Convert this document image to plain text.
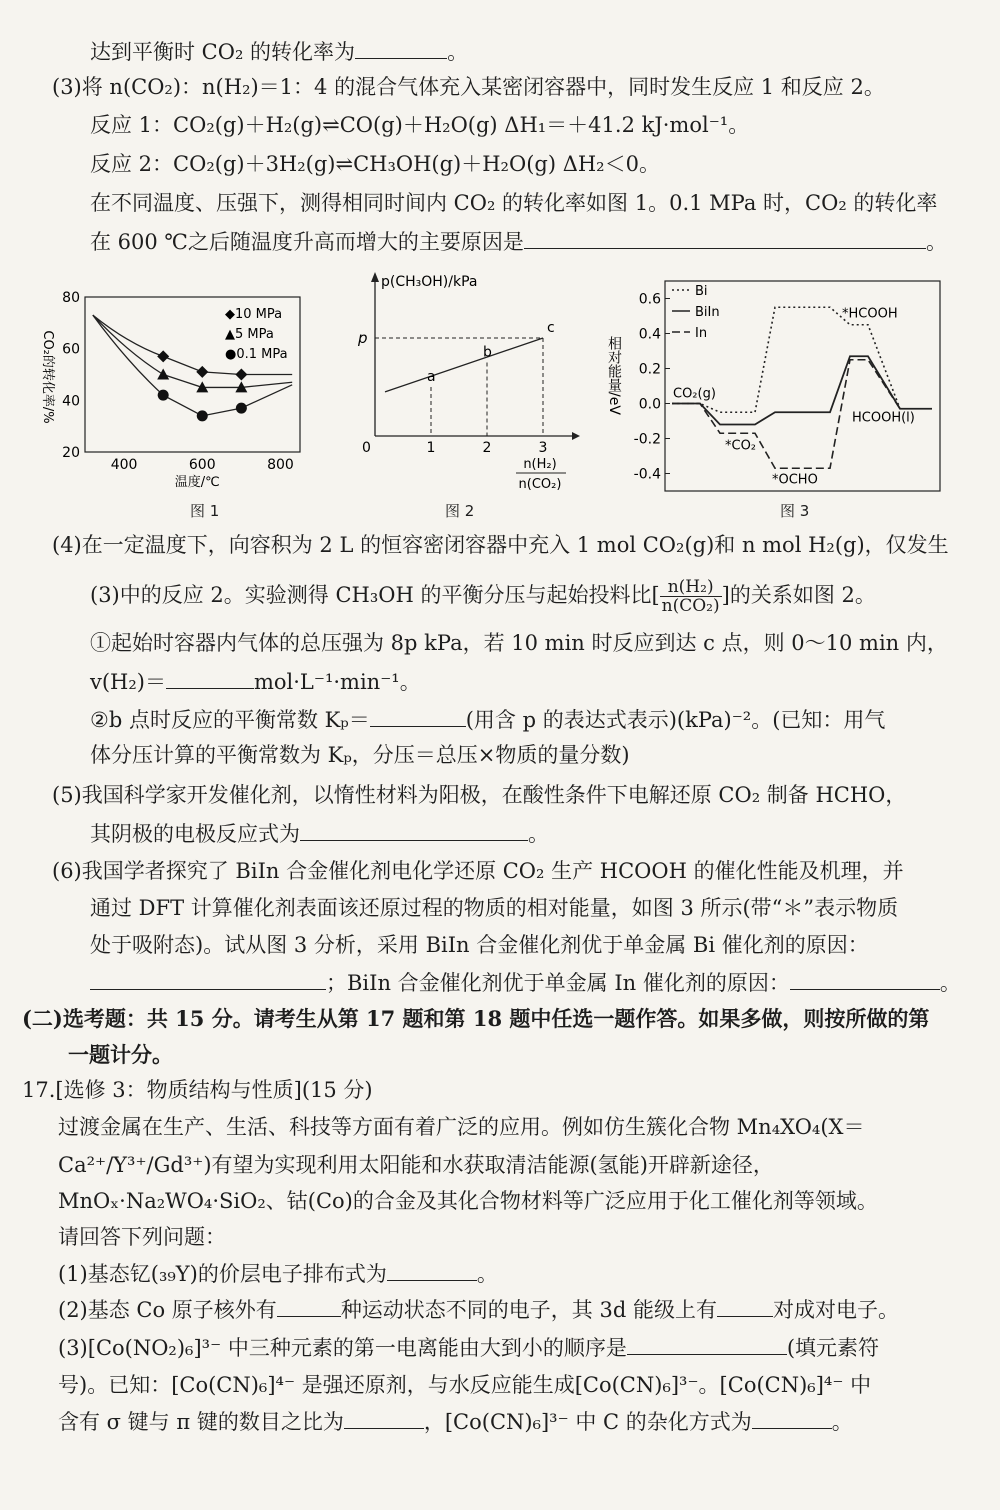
达到平衡时 CO₂ 的转化率为	。
(3)将 n(CO₂)：n(H₂)＝1：4 的混合气体充入某密闭容器中，同时发生反应 1 和反应 2。
反应 1：CO₂(g)＋H₂(g)⇌CO(g)＋H₂O(g) ΔH₁＝＋41.2 kJ·mol⁻¹。
反应 2：CO₂(g)＋3H₂(g)⇌CH₃OH(g)＋H₂O(g) ΔH₂＜0。
在不同温度、压强下，测得相同时间内 CO₂ 的转化率如图 1。0.1 MPa 时，CO₂ 的转化率
在 600 ℃之后随温度升高而增大的主要原因是	。
20
40
60
80
400	600	800
温度/℃
CO₂的转化率/%
◆10 MPa
▲5 MPa
●0.1 MPa
图 1
p(CH₃OH)/kPa
0
p
1
a
2
b
3
c
n(H₂)
n(CO₂)
图 2
0.6
0.4
0.2
0.0
-0.2
-0.4
相对能量/eV
Bi
BiIn
In
CO₂(g)
*CO₂
*OCHO
*HCOOH
HCOOH(l)
图 3
(4)在一定温度下，向容积为 2 L 的恒容密闭容器中充入 1 mol CO₂(g)和 n mol H₂(g)，仅发生
(3)中的反应 2。实验测得 CH₃OH 的平衡分压与起始投料比[ $\frac{\text{n(H₂)}}{\text{n(CO₂)}}$ ]的关系如图 2。
①起始时容器内气体的总压强为 8p kPa，若 10 min 时反应到达 c 点，则 0～10 min 内，
v(H₂)＝	mol·L⁻¹·min⁻¹。
②b 点时反应的平衡常数 Kₚ＝	(用含 p 的表达式表示)(kPa)⁻²。(已知：用气
体分压计算的平衡常数为 Kₚ，分压＝总压×物质的量分数)
(5)我国科学家开发催化剂，以惰性材料为阳极，在酸性条件下电解还原 CO₂ 制备 HCHO，
其阴极的电极反应式为	。
(6)我国学者探究了 BiIn 合金催化剂电化学还原 CO₂ 生产 HCOOH 的催化性能及机理，并
通过 DFT 计算催化剂表面该还原过程的物质的相对能量，如图 3 所示(带“＊”表示物质
处于吸附态)。试从图 3 分析，采用 BiIn 合金催化剂优于单金属 Bi 催化剂的原因：
；BiIn 合金催化剂优于单金属 In 催化剂的原因：	。
(二)选考题：共 15 分。请考生从第 17 题和第 18 题中任选一题作答。如果多做，则按所做的第
一题计分。
17.[选修 3：物质结构与性质](15 分)
过渡金属在生产、生活、科技等方面有着广泛的应用。例如仿生簇化合物 Mn₄XO₄(X＝
Ca²⁺/Y³⁺/Gd³⁺)有望为实现利用太阳能和水获取清洁能源(氢能)开辟新途径，
MnOₓ·Na₂WO₄·SiO₂、钴(Co)的合金及其化合物材料等广泛应用于化工催化剂等领域。
请回答下列问题：
(1)基态钇(₃₉Y)的价层电子排布式为	。
(2)基态 Co 原子核外有	种运动状态不同的电子，其 3d 能级上有	对成对电子。
(3)[Co(NO₂)₆]³⁻ 中三种元素的第一电离能由大到小的顺序是	(填元素符
号)。已知：[Co(CN)₆]⁴⁻ 是强还原剂，与水反应能生成[Co(CN)₆]³⁻。[Co(CN)₆]⁴⁻ 中
含有 σ 键与 π 键的数目之比为	，[Co(CN)₆]³⁻ 中 C 的杂化方式为	。
